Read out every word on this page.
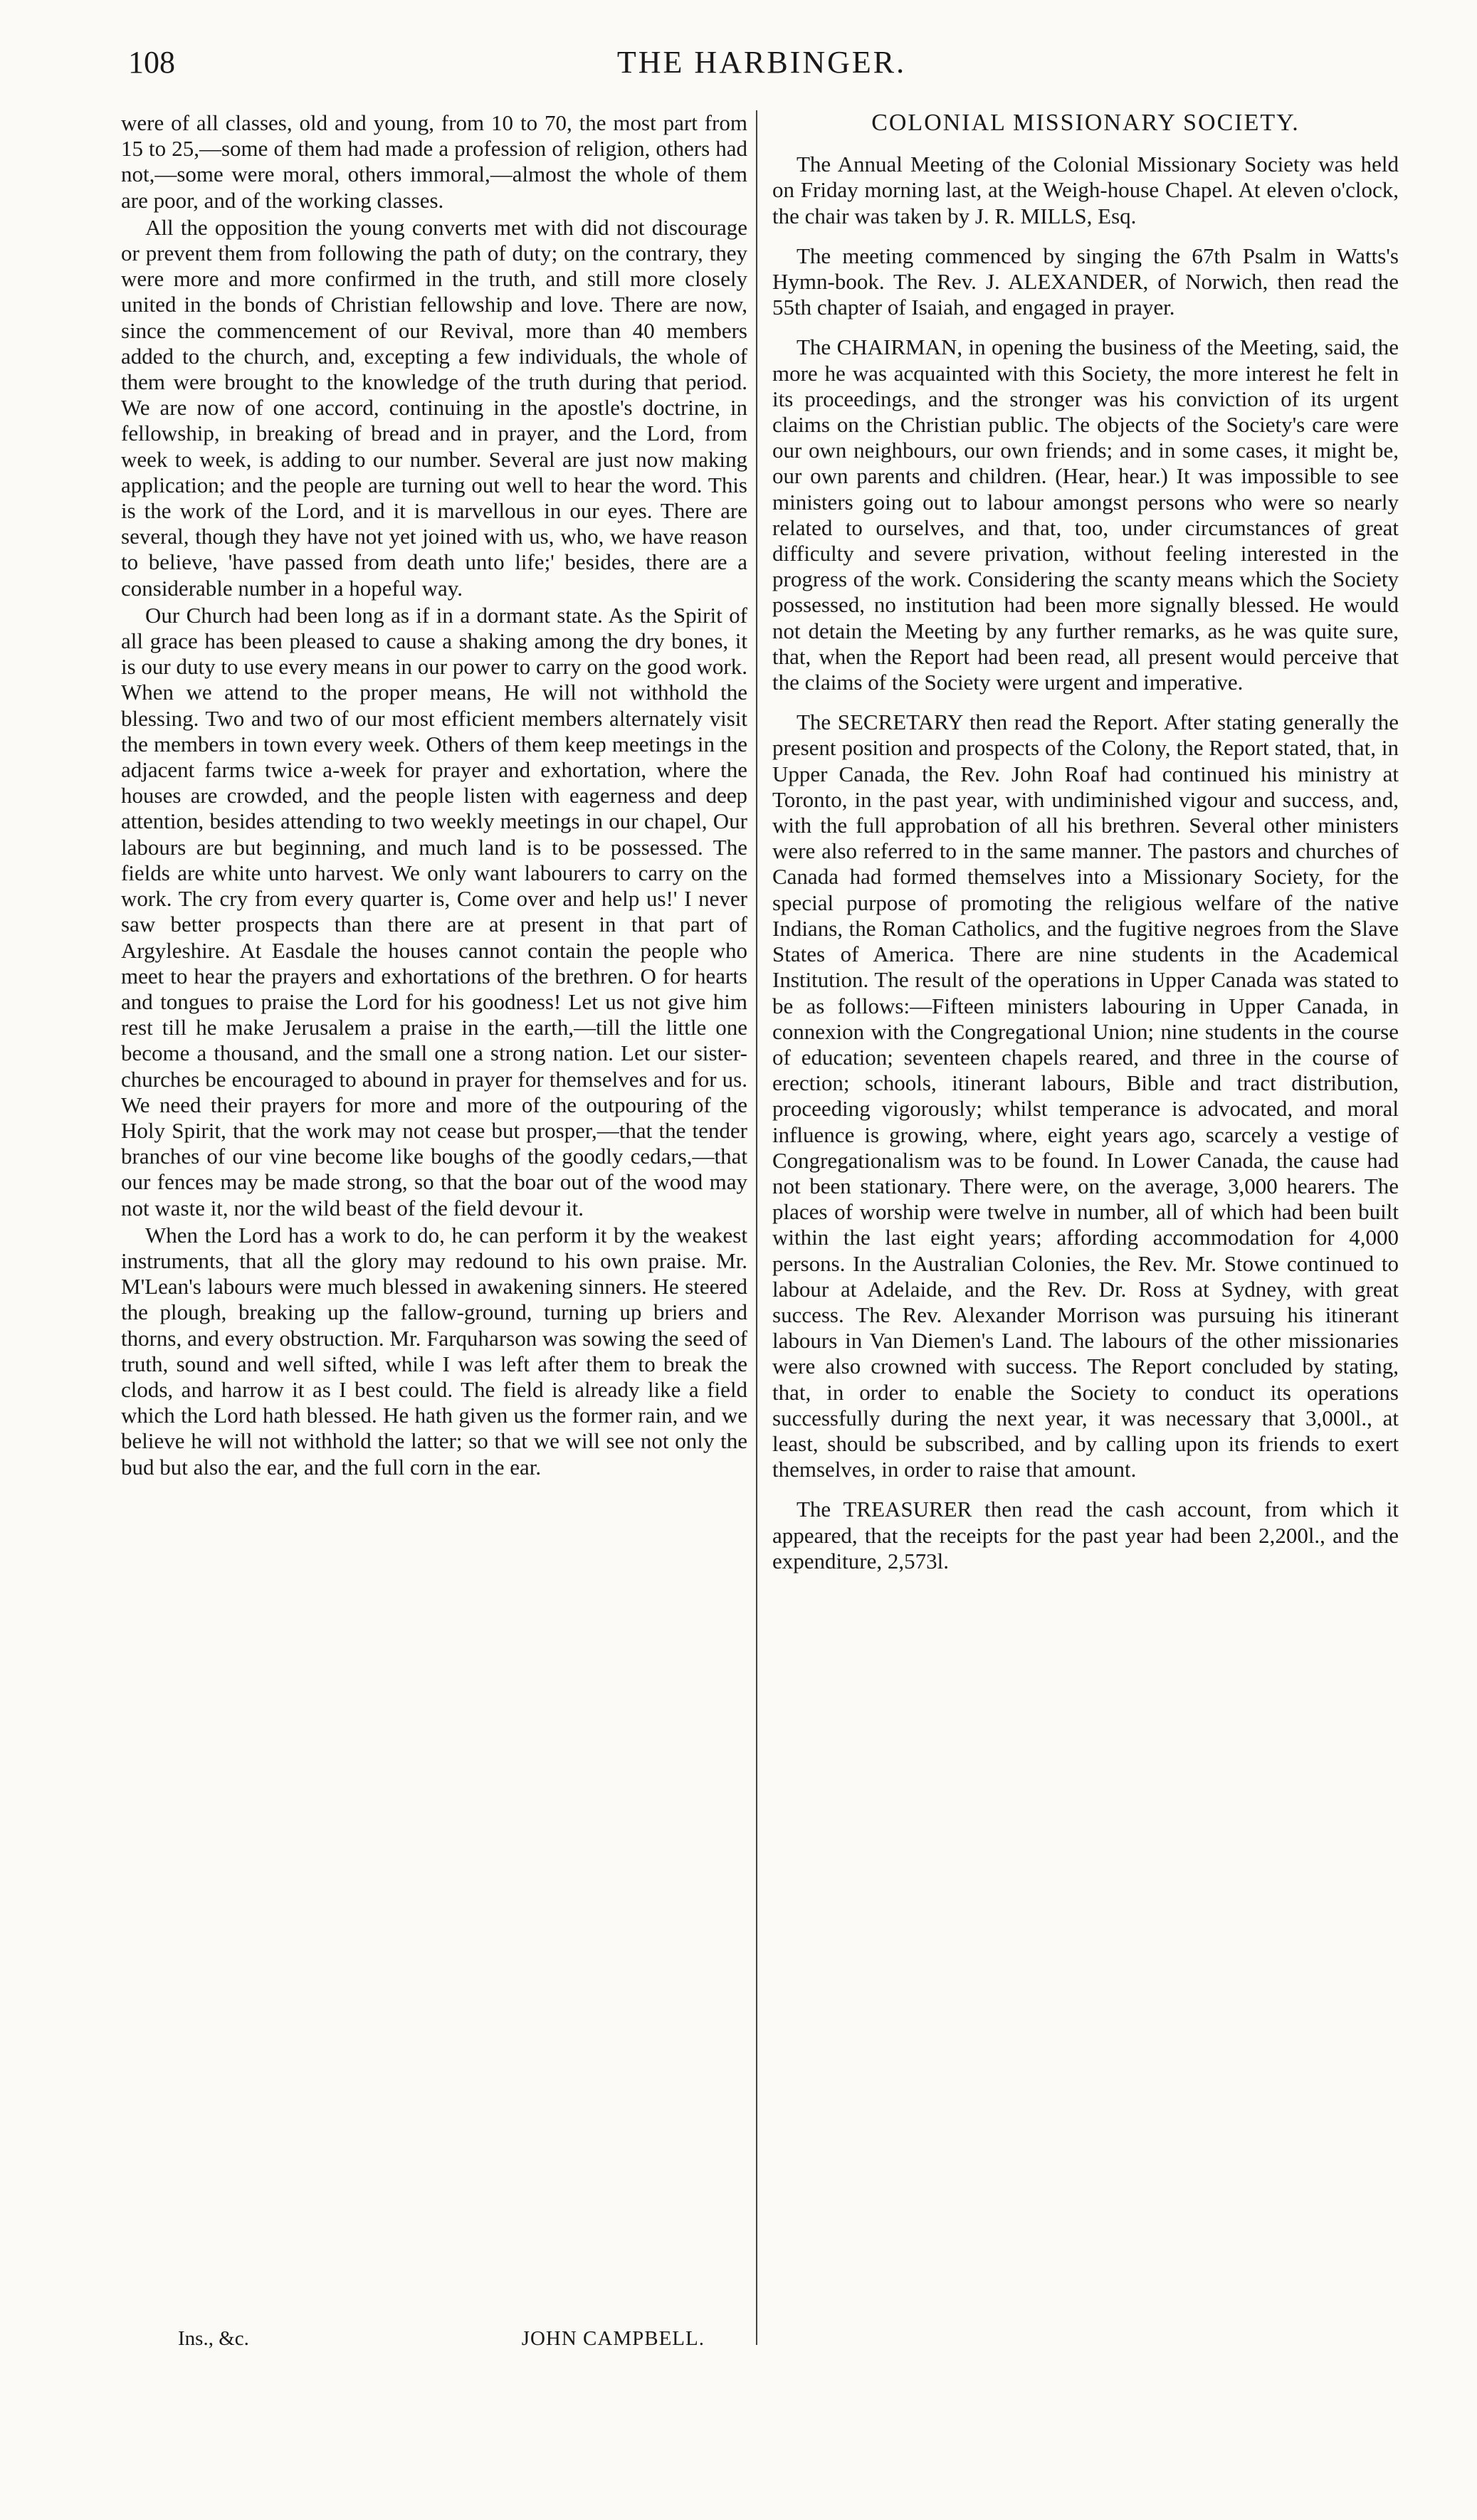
108	THE HARBINGER.

were of all classes, old and young, from 10 to 70, the most part from 15 to 25,—some of them had made a profession of religion, others had not,—some were moral, others immoral,—almost the whole of them are poor, and of the working classes.

All the opposition the young converts met with did not discourage or prevent them from following the path of duty; on the contrary, they were more and more confirmed in the truth, and still more closely united in the bonds of Christian fellowship and love. There are now, since the commencement of our Revival, more than 40 members added to the church, and, excepting a few individuals, the whole of them were brought to the knowledge of the truth during that period. We are now of one accord, continuing in the apostle's doctrine, in fellowship, in breaking of bread and in prayer, and the Lord, from week to week, is adding to our number. Several are just now making application; and the people are turning out well to hear the word. This is the work of the Lord, and it is marvellous in our eyes. There are several, though they have not yet joined with us, who, we have reason to believe, 'have passed from death unto life;' besides, there are a considerable number in a hopeful way.

Our Church had been long as if in a dormant state. As the Spirit of all grace has been pleased to cause a shaking among the dry bones, it is our duty to use every means in our power to carry on the good work. When we attend to the proper means, He will not withhold the blessing. Two and two of our most efficient members alternately visit the members in town every week. Others of them keep meetings in the adjacent farms twice a-week for prayer and exhortation, where the houses are crowded, and the people listen with eagerness and deep attention, besides attending to two weekly meetings in our chapel, Our labours are but beginning, and much land is to be possessed. The fields are white unto harvest. We only want labourers to carry on the work. The cry from every quarter is, Come over and help us!' I never saw better prospects than there are at present in that part of Argyleshire. At Easdale the houses cannot contain the people who meet to hear the prayers and exhortations of the brethren. O for hearts and tongues to praise the Lord for his goodness! Let us not give him rest till he make Jerusalem a praise in the earth,—till the little one become a thousand, and the small one a strong nation. Let our sister-churches be encouraged to abound in prayer for themselves and for us. We need their prayers for more and more of the outpouring of the Holy Spirit, that the work may not cease but prosper,—that the tender branches of our vine become like boughs of the goodly cedars,—that our fences may be made strong, so that the boar out of the wood may not waste it, nor the wild beast of the field devour it.

When the Lord has a work to do, he can perform it by the weakest instruments, that all the glory may redound to his own praise. Mr. M'Lean's labours were much blessed in awakening sinners. He steered the plough, breaking up the fallow-ground, turning up briers and thorns, and every obstruction. Mr. Farquharson was sowing the seed of truth, sound and well sifted, while I was left after them to break the clods, and harrow it as I best could. The field is already like a field which the Lord hath blessed. He hath given us the former rain, and we believe he will not withhold the latter; so that we will see not only the bud but also the ear, and the full corn in the ear.

COLONIAL MISSIONARY SOCIETY.

The Annual Meeting of the Colonial Missionary Society was held on Friday morning last, at the Weigh-house Chapel. At eleven o'clock, the chair was taken by J. R. MILLS, Esq.

The meeting commenced by singing the 67th Psalm in Watts's Hymn-book. The Rev. J. ALEXANDER, of Norwich, then read the 55th chapter of Isaiah, and engaged in prayer.

The CHAIRMAN, in opening the business of the Meeting, said, the more he was acquainted with this Society, the more interest he felt in its proceedings, and the stronger was his conviction of its urgent claims on the Christian public. The objects of the Society's care were our own neighbours, our own friends; and in some cases, it might be, our own parents and children. (Hear, hear.) It was impossible to see ministers going out to labour amongst persons who were so nearly related to ourselves, and that, too, under circumstances of great difficulty and severe privation, without feeling interested in the progress of the work. Considering the scanty means which the Society possessed, no institution had been more signally blessed. He would not detain the Meeting by any further remarks, as he was quite sure, that, when the Report had been read, all present would perceive that the claims of the Society were urgent and imperative.

The SECRETARY then read the Report. After stating generally the present position and prospects of the Colony, the Report stated, that, in Upper Canada, the Rev. John Roaf had continued his ministry at Toronto, in the past year, with undiminished vigour and success, and, with the full approbation of all his brethren. Several other ministers were also referred to in the same manner. The pastors and churches of Canada had formed themselves into a Missionary Society, for the special purpose of promoting the religious welfare of the native Indians, the Roman Catholics, and the fugitive negroes from the Slave States of America. There are nine students in the Academical Institution. The result of the operations in Upper Canada was stated to be as follows:—Fifteen ministers labouring in Upper Canada, in connexion with the Congregational Union; nine students in the course of education; seventeen chapels reared, and three in the course of erection; schools, itinerant labours, Bible and tract distribution, proceeding vigorously; whilst temperance is advocated, and moral influence is growing, where, eight years ago, scarcely a vestige of Congregationalism was to be found. In Lower Canada, the cause had not been stationary. There were, on the average, 3,000 hearers. The places of worship were twelve in number, all of which had been built within the last eight years; affording accommodation for 4,000 persons. In the Australian Colonies, the Rev. Mr. Stowe continued to labour at Adelaide, and the Rev. Dr. Ross at Sydney, with great success. The Rev. Alexander Morrison was pursuing his itinerant labours in Van Diemen's Land. The labours of the other missionaries were also crowned with success. The Report concluded by stating, that, in order to enable the Society to conduct its operations successfully during the next year, it was necessary that 3,000l., at least, should be subscribed, and by calling upon its friends to exert themselves, in order to raise that amount.

The TREASURER then read the cash account, from which it appeared, that the receipts for the past year had been 2,200l., and the expenditure, 2,573l.

Ins., &c.	JOHN CAMPBELL.
